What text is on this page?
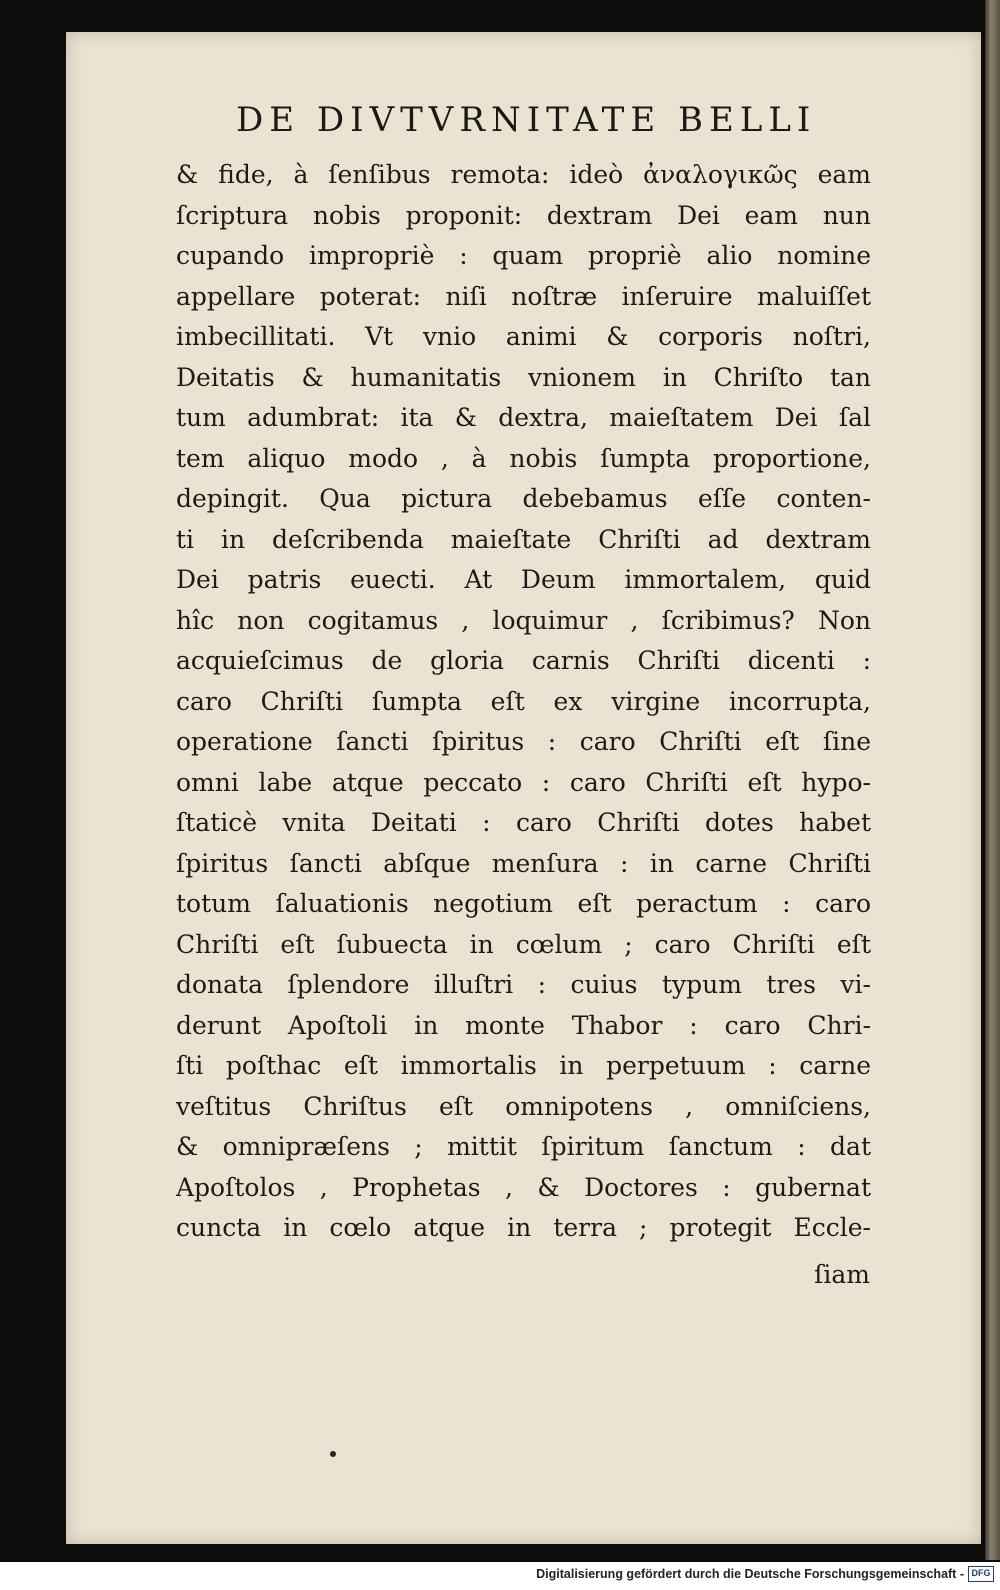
DE DIVTVRNITATE BELLI
& fide, à ſenſibus remota: ideò ἀναλογικῶς eam
ſcriptura nobis proponit: dextram Dei eam nun
cupando impropriè : quam propriè alio nomine
appellare poterat: niſi noſtræ inſeruire maluiſſet
imbecillitati. Vt vnio animi & corporis noſtri,
Deitatis & humanitatis vnionem in Chriſto tan
tum adumbrat: ita & dextra, maieſtatem Dei ſal
tem aliquo modo , à nobis ſumpta proportione,
depingit. Qua pictura debebamus eſſe conten-
ti in deſcribenda maieſtate Chriſti ad dextram
Dei patris euecti. At Deum immortalem, quid
hîc non cogitamus , loquimur , ſcribimus? Non
acquieſcimus de gloria carnis Chriſti dicenti :
caro Chriſti ſumpta eſt ex virgine incorrupta,
operatione ſancti ſpiritus : caro Chriſti eſt ſine
omni labe atque peccato : caro Chriſti eſt hypo-
ſtaticè vnita Deitati : caro Chriſti dotes habet
ſpiritus ſancti abſque menſura : in carne Chriſti
totum ſaluationis negotium eſt peractum : caro
Chriſti eſt ſubuecta in cœlum ; caro Chriſti eſt
donata ſplendore illuſtri : cuius typum tres vi-
derunt Apoſtoli in monte Thabor : caro Chri-
ſti poſthac eſt immortalis in perpetuum : carne
veſtitus Chriſtus eſt omnipotens , omniſciens,
& omnipræſens ; mittit ſpiritum ſanctum : dat
Apoſtolos , Prophetas , & Doctores : gubernat
cuncta in cœlo atque in terra ; protegit Eccle-
ſiam
Digitalisierung gefördert durch die Deutsche Forschungsgemeinschaft - DFG
